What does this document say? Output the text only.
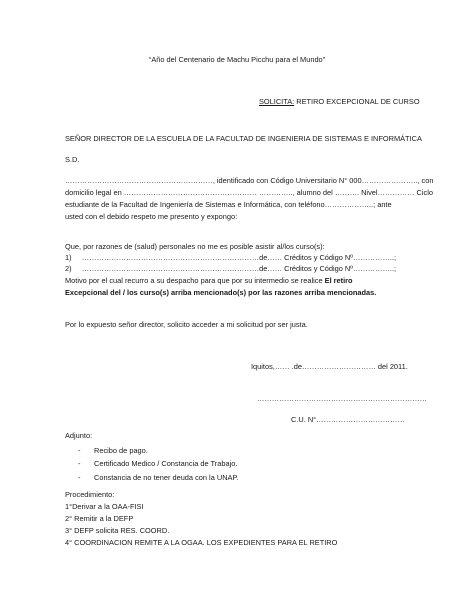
“Año del Centenario de Machu Picchu para el Mundo”
SOLICITA: RETIRO EXCEPCIONAL DE CURSO
SEÑOR DIRECTOR DE LA ESCUELA DE LA FACULTAD DE INGENIERIA DE SISTEMAS E INFORMÁTICA
S.D.
……………………………………………………, identificado con Código Universitario N° 000………………….., con
domicilio legal en ……………………………………………… ………….., alumno del ………. Nivel…………… Ciclo
estudiante de la Facultad de Ingeniería de Sistemas e Informática, con teléfono………………..; ante
usted con el debido respeto me presento y expongo:
Que, por razones de (salud) personales no me es posible asistir al/los curso(s):
1) ………………………………………………………………de…… Créditos y Código Nº……………..;
2) ………………………………………………………………de…… Créditos y Código Nº……………..;
Motivo por el cual recurro a su despacho para que por su intermedio se realice El retiro
Excepcional del / los curso(s) arriba mencionado(s) por las razones arriba mencionadas.
Por lo expuesto señor director, solicito acceder a mi solicitud por ser justa.
Iquitos,…… .de………………………… del 2011.
……………………………………………………………
C.U. N°………………………………
Adjunto:
- Recibo de pago.
- Certificado Medico / Constancia de Trabajo.
- Constancia de no tener deuda con la UNAP.
Procedimiento:
1°Derivar a la OAA-FISI
2° Remitir a la DEFP
3° DEFP solicita RES. COORD.
4° COORDINACION REMITE A LA OGAA. LOS EXPEDIENTES PARA EL RETIRO
